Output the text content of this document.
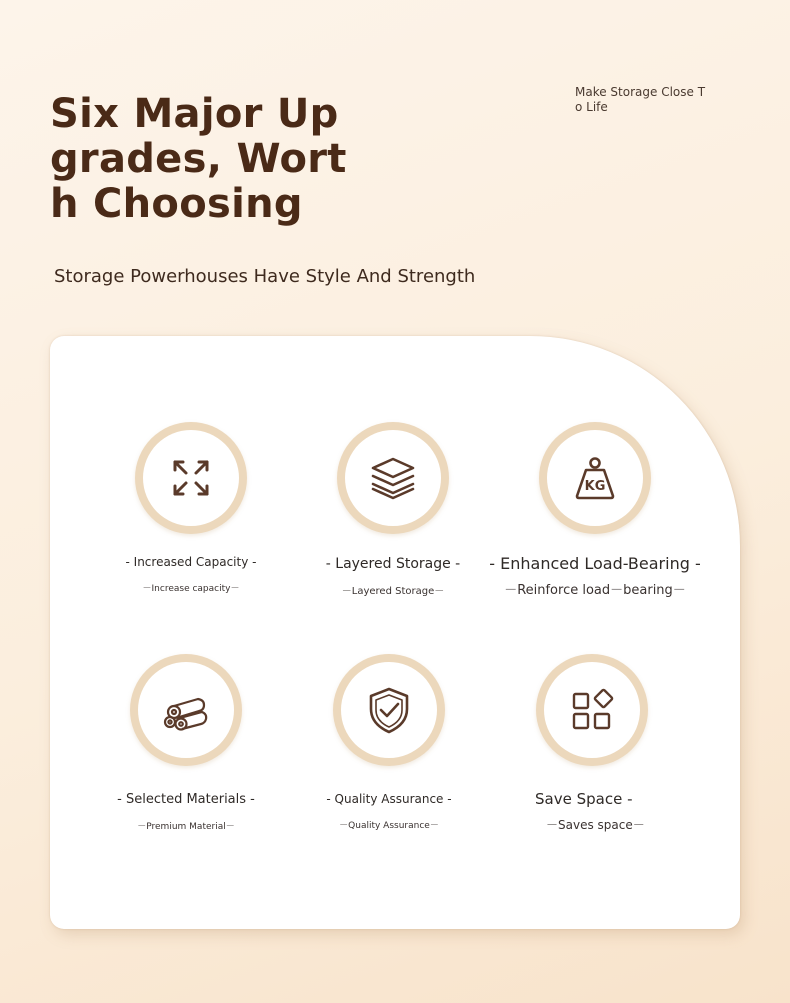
Six Major Up
grades, Wort
h Choosing
Make Storage Close T
o Life
Storage Powerhouses Have Style And Strength
- Increased Capacity -
－Increase capacity－
- Layered Storage -
－Layered Storage－
KG
- Enhanced Load-Bearing -
－Reinforce load－bearing－
- Selected Materials -
－Premium Material－
- Quality Assurance -
－Quality Assurance－
Save Space -
－Saves space－
